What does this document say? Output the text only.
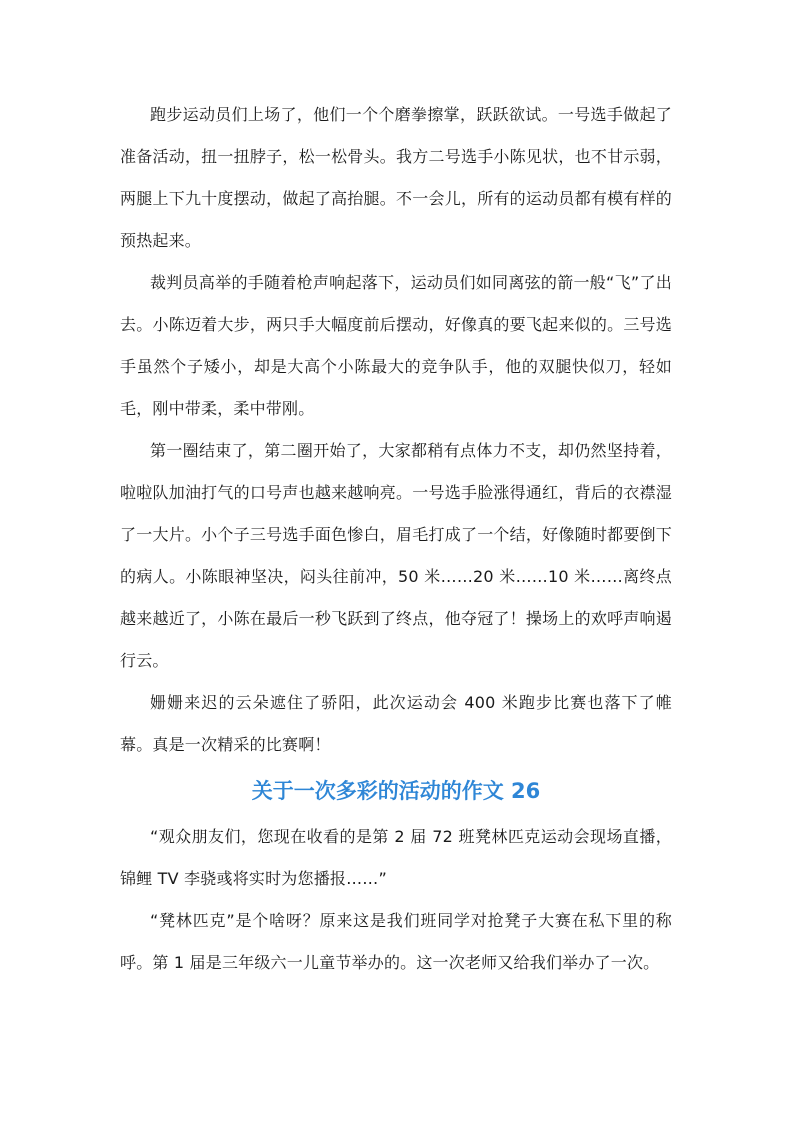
跑步运动员们上场了，他们一个个磨拳擦掌，跃跃欲试。一号选手做起了准备活动，扭一扭脖子，松一松骨头。我方二号选手小陈见状，也不甘示弱，两腿上下九十度摆动，做起了高抬腿。不一会儿，所有的运动员都有模有样的预热起来。

裁判员高举的手随着枪声响起落下，运动员们如同离弦的箭一般“飞”了出去。小陈迈着大步，两只手大幅度前后摆动，好像真的要飞起来似的。三号选手虽然个子矮小，却是大高个小陈最大的竞争队手，他的双腿快似刀，轻如毛，刚中带柔，柔中带刚。

第一圈结束了，第二圈开始了，大家都稍有点体力不支，却仍然坚持着，啦啦队加油打气的口号声也越来越响亮。一号选手脸涨得通红，背后的衣襟湿了一大片。小个子三号选手面色惨白，眉毛打成了一个结，好像随时都要倒下的病人。小陈眼神坚决，闷头往前冲，50 米……20 米……10 米……离终点越来越近了，小陈在最后一秒飞跃到了终点，他夺冠了！操场上的欢呼声响遏行云。

姗姗来迟的云朵遮住了骄阳，此次运动会 400 米跑步比赛也落下了帷幕。真是一次精采的比赛啊！

关于一次多彩的活动的作文 26

“观众朋友们，您现在收看的是第 2 届 72 班凳林匹克运动会现场直播，锦鲤 TV 李骁彧将实时为您播报……”

“凳林匹克”是个啥呀？原来这是我们班同学对抢凳子大赛在私下里的称呼。第 1 届是三年级六一儿童节举办的。这一次老师又给我们举办了一次。
